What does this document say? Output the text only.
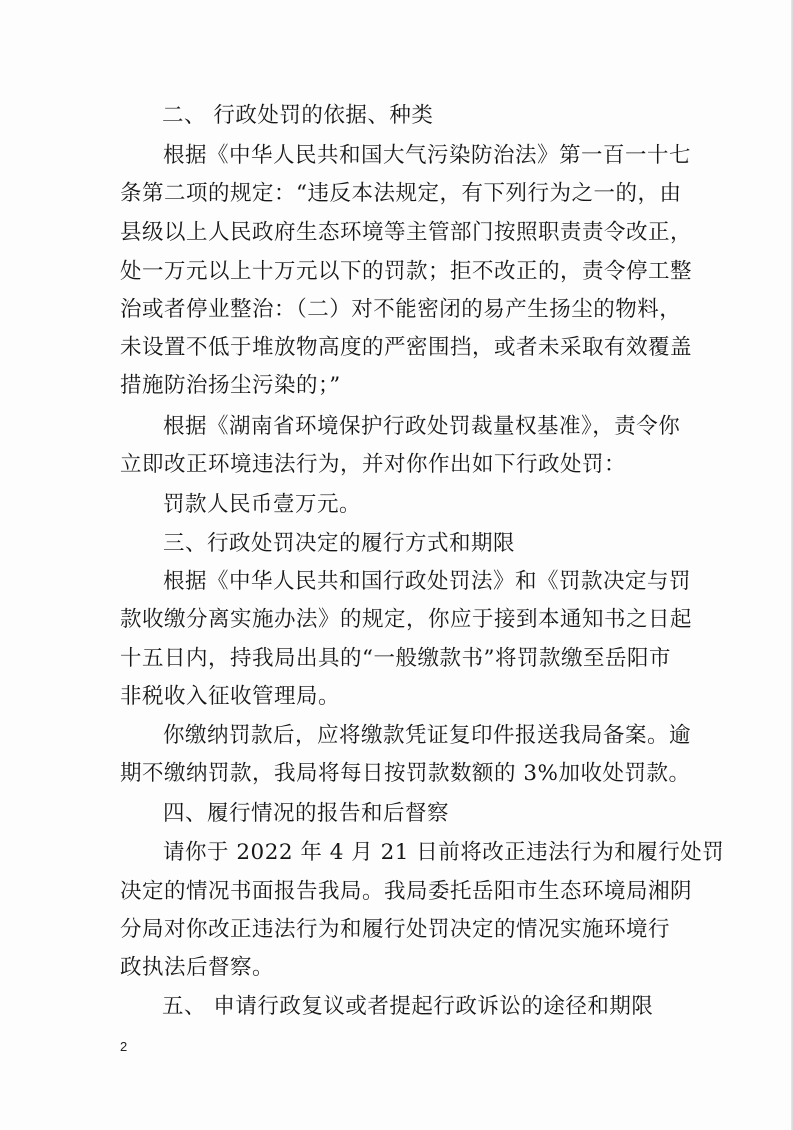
二、 行政处罚的依据、种类
根据《中华人民共和国大气污染防治法》第一百一十七
条第二项的规定：“违反本法规定，有下列行为之一的，由
县级以上人民政府生态环境等主管部门按照职责责令改正，
处一万元以上十万元以下的罚款；拒不改正的，责令停工整
治或者停业整治：（二）对不能密闭的易产生扬尘的物料，
未设置不低于堆放物高度的严密围挡，或者未采取有效覆盖
措施防治扬尘污染的；”
根据《湖南省环境保护行政处罚裁量权基准》，责令你
立即改正环境违法行为，并对你作出如下行政处罚：
罚款人民币壹万元。
三、行政处罚决定的履行方式和期限
根据《中华人民共和国行政处罚法》和《罚款决定与罚
款收缴分离实施办法》的规定，你应于接到本通知书之日起
十五日内，持我局出具的“一般缴款书”将罚款缴至岳阳市
非税收入征收管理局。
你缴纳罚款后，应将缴款凭证复印件报送我局备案。逾
期不缴纳罚款，我局将每日按罚款数额的 3%加收处罚款。
四、履行情况的报告和后督察
请你于 2022 年 4 月 21 日前将改正违法行为和履行处罚
决定的情况书面报告我局。我局委托岳阳市生态环境局湘阴
分局对你改正违法行为和履行处罚决定的情况实施环境行
政执法后督察。
五、 申请行政复议或者提起行政诉讼的途径和期限
2
